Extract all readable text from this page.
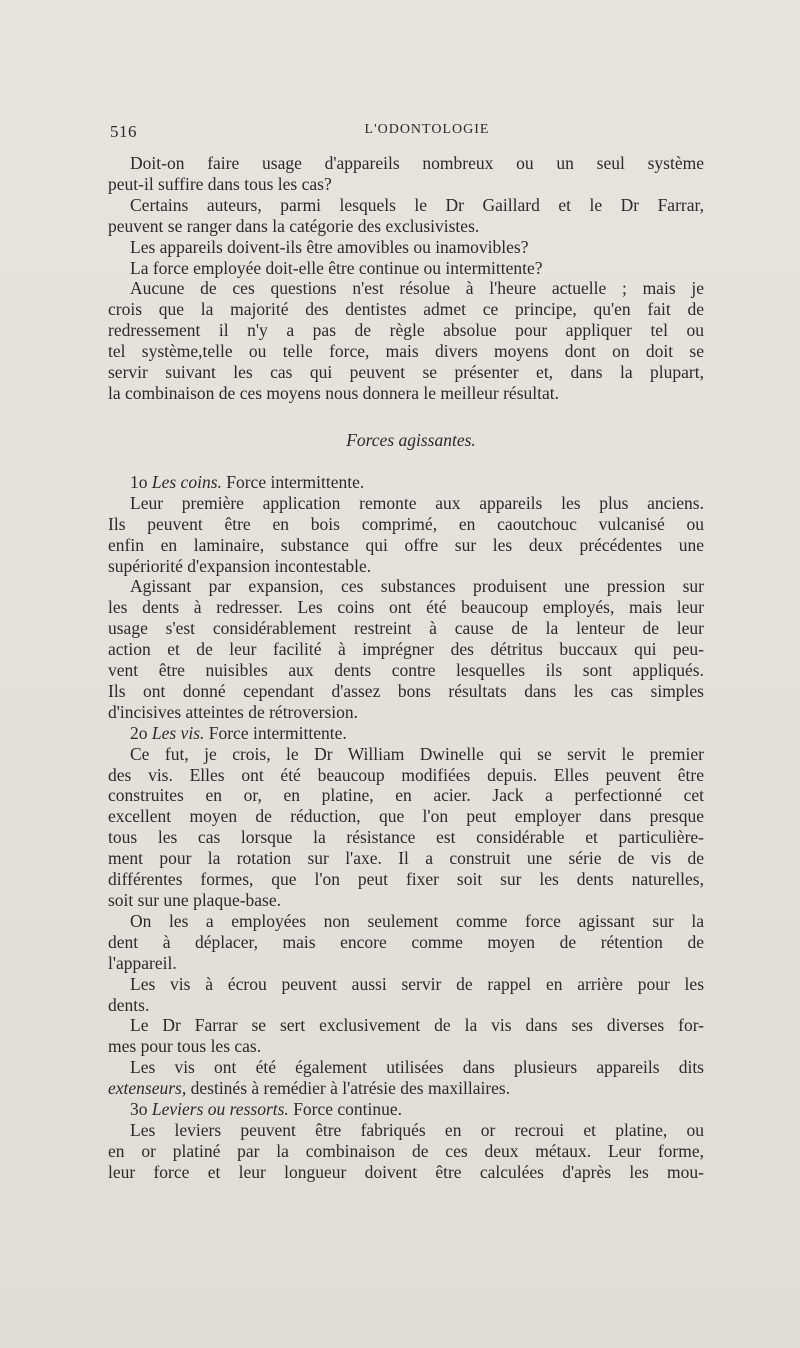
516	L'ODONTOLOGIE
Doit-on faire usage d'appareils nombreux ou un seul système
peut-il suffire dans tous les cas?
Certains auteurs, parmi lesquels le Dr Gaillard et le Dr Farrar,
peuvent se ranger dans la catégorie des exclusivistes.
Les appareils doivent-ils être amovibles ou inamovibles?
La force employée doit-elle être continue ou intermittente?
Aucune de ces questions n'est résolue à l'heure actuelle ; mais je
crois que la majorité des dentistes admet ce principe, qu'en fait de
redressement il n'y a pas de règle absolue pour appliquer tel ou
tel système,telle ou telle force, mais divers moyens dont on doit se
servir suivant les cas qui peuvent se présenter et, dans la plupart,
la combinaison de ces moyens nous donnera le meilleur résultat.
Forces agissantes.
1o Les coins. Force intermittente.
Leur première application remonte aux appareils les plus anciens.
Ils peuvent être en bois comprimé, en caoutchouc vulcanisé ou
enfin en laminaire, substance qui offre sur les deux précédentes une
supériorité d'expansion incontestable.
Agissant par expansion, ces substances produisent une pression sur
les dents à redresser. Les coins ont été beaucoup employés, mais leur
usage s'est considérablement restreint à cause de la lenteur de leur
action et de leur facilité à imprégner des détritus buccaux qui peu-
vent être nuisibles aux dents contre lesquelles ils sont appliqués.
Ils ont donné cependant d'assez bons résultats dans les cas simples
d'incisives atteintes de rétroversion.
2o Les vis. Force intermittente.
Ce fut, je crois, le Dr William Dwinelle qui se servit le premier
des vis. Elles ont été beaucoup modifiées depuis. Elles peuvent être
construites en or, en platine, en acier. Jack a perfectionné cet
excellent moyen de réduction, que l'on peut employer dans presque
tous les cas lorsque la résistance est considérable et particulière-
ment pour la rotation sur l'axe. Il a construit une série de vis de
différentes formes, que l'on peut fixer soit sur les dents naturelles,
soit sur une plaque-base.
On les a employées non seulement comme force agissant sur la
dent à déplacer, mais encore comme moyen de rétention de
l'appareil.
Les vis à écrou peuvent aussi servir de rappel en arrière pour les
dents.
Le Dr Farrar se sert exclusivement de la vis dans ses diverses for-
mes pour tous les cas.
Les vis ont été également utilisées dans plusieurs appareils dits
extenseurs, destinés à remédier à l'atrésie des maxillaires.
3o Leviers ou ressorts. Force continue.
Les leviers peuvent être fabriqués en or recroui et platine, ou
en or platiné par la combinaison de ces deux métaux. Leur forme,
leur force et leur longueur doivent être calculées d'après les mou-
